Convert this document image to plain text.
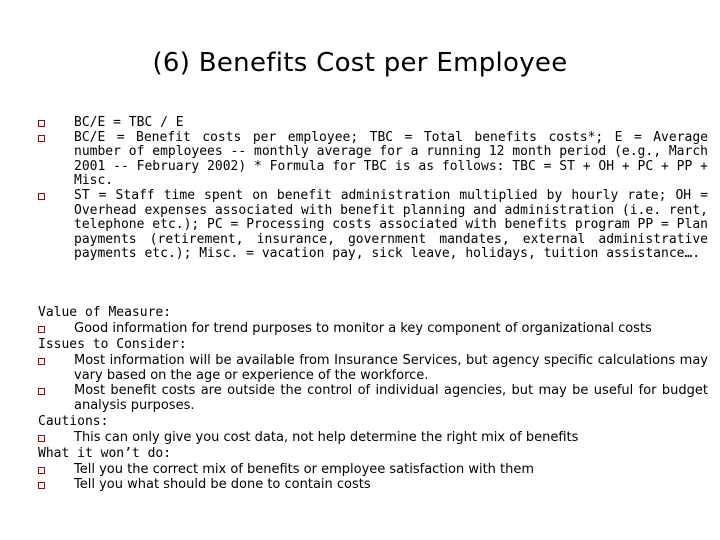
(6) Benefits Cost per Employee
BC/E = TBC / E
BC/E = Benefit costs per employee; TBC = Total benefits costs*; E = Average number of employees -- monthly average for a running 12 month period (e.g., March 2001 -- February 2002) * Formula for TBC is as follows: TBC = ST + OH + PC + PP + Misc.
ST = Staff time spent on benefit administration multiplied by hourly rate; OH = Overhead expenses associated with benefit planning and administration (i.e. rent, telephone etc.); PC = Processing costs associated with benefits program PP = Plan payments (retirement, insurance, government mandates, external administrative payments etc.); Misc. = vacation pay, sick leave, holidays, tuition assistance….
Value of Measure:
Good information for trend purposes to monitor a key component of organizational costs
Issues to Consider:
Most information will be available from Insurance Services, but agency specific calculations may vary based on the age or experience of the workforce.
Most benefit costs are outside the control of individual agencies, but may be useful for budget analysis purposes.
Cautions:
This can only give you cost data, not help determine the right mix of benefits
What it won’t do:
Tell you the correct mix of benefits or employee satisfaction with them
Tell you what should be done to contain costs
